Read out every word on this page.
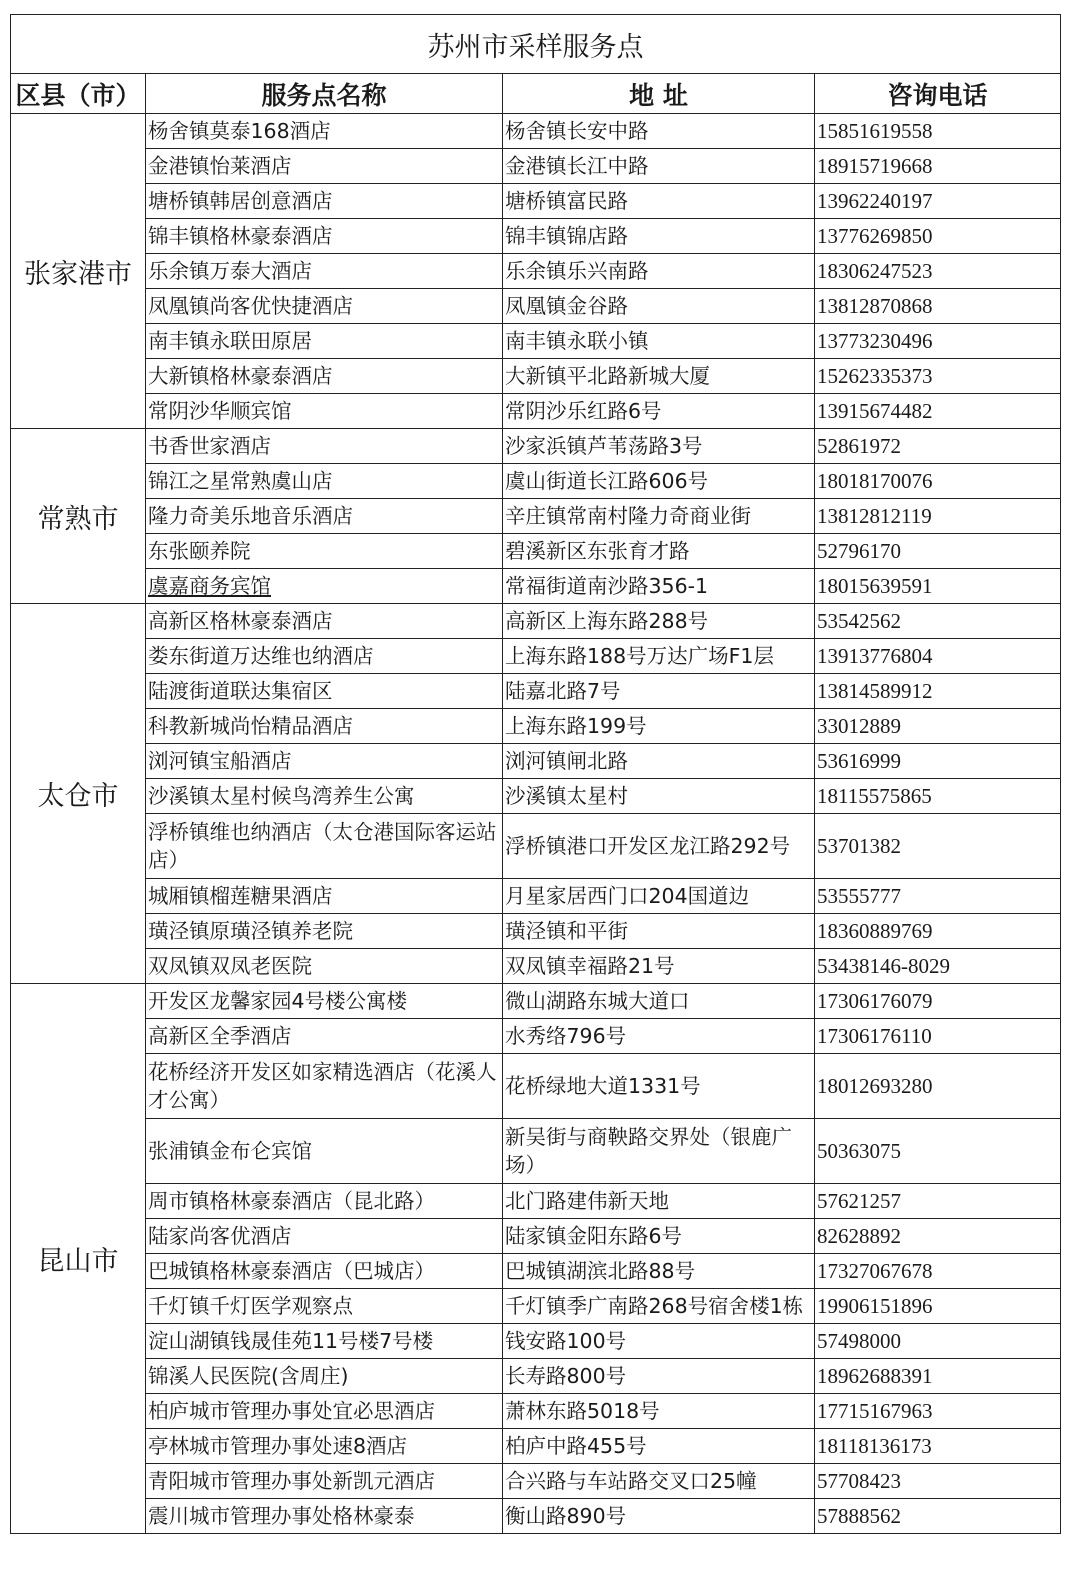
苏州市采样服务点			
区县（市）	服务点名称	地 址	咨询电话
张家港市	杨舍镇莫泰168酒店	杨舍镇长安中路	15851619558
	金港镇怡莱酒店	金港镇长江中路	18915719668
	塘桥镇韩居创意酒店	塘桥镇富民路	13962240197
	锦丰镇格林豪泰酒店	锦丰镇锦店路	13776269850
	乐余镇万泰大酒店	乐余镇乐兴南路	18306247523
	凤凰镇尚客优快捷酒店	凤凰镇金谷路	13812870868
	南丰镇永联田原居	南丰镇永联小镇	13773230496
	大新镇格林豪泰酒店	大新镇平北路新城大厦	15262335373
	常阴沙华顺宾馆	常阴沙乐红路6号	13915674482
常熟市	书香世家酒店	沙家浜镇芦苇荡路3号	52861972
	锦江之星常熟虞山店	虞山街道长江路606号	18018170076
	隆力奇美乐地音乐酒店	辛庄镇常南村隆力奇商业街	13812812119
	东张颐养院	碧溪新区东张育才路	52796170
	虞嘉商务宾馆	常福街道南沙路356-1	18015639591
太仓市	高新区格林豪泰酒店	高新区上海东路288号	53542562
	娄东街道万达维也纳酒店	上海东路188号万达广场F1层	13913776804
	陆渡街道联达集宿区	陆嘉北路7号	13814589912
	科教新城尚怡精品酒店	上海东路199号	33012889
	浏河镇宝船酒店	浏河镇闸北路	53616999
	沙溪镇太星村候鸟湾养生公寓	沙溪镇太星村	18115575865
	浮桥镇维也纳酒店（太仓港国际客运站店）	浮桥镇港口开发区龙江路292号	53701382
	城厢镇榴莲糖果酒店	月星家居西门口204国道边	53555777
	璜泾镇原璜泾镇养老院	璜泾镇和平街	18360889769
	双凤镇双凤老医院	双凤镇幸福路21号	53438146-8029
昆山市	开发区龙馨家园4号楼公寓楼	微山湖路东城大道口	17306176079
	高新区全季酒店	水秀络796号	17306176110
	花桥经济开发区如家精选酒店（花溪人才公寓）	花桥绿地大道1331号	18012693280
	张浦镇金布仑宾馆	新吴街与商鞅路交界处（银鹿广场）	50363075
	周市镇格林豪泰酒店（昆北路）	北门路建伟新天地	57621257
	陆家尚客优酒店	陆家镇金阳东路6号	82628892
	巴城镇格林豪泰酒店（巴城店）	巴城镇湖滨北路88号	17327067678
	千灯镇千灯医学观察点	千灯镇季广南路268号宿舍楼1栋	19906151896
	淀山湖镇钱晟佳苑11号楼7号楼	钱安路100号	57498000
	锦溪人民医院(含周庄)	长寿路800号	18962688391
	柏庐城市管理办事处宜必思酒店	萧林东路5018号	17715167963
	亭林城市管理办事处速8酒店	柏庐中路455号	18118136173
	青阳城市管理办事处新凯元酒店	合兴路与车站路交叉口25幢	57708423
	震川城市管理办事处格林豪泰	衡山路890号	57888562
